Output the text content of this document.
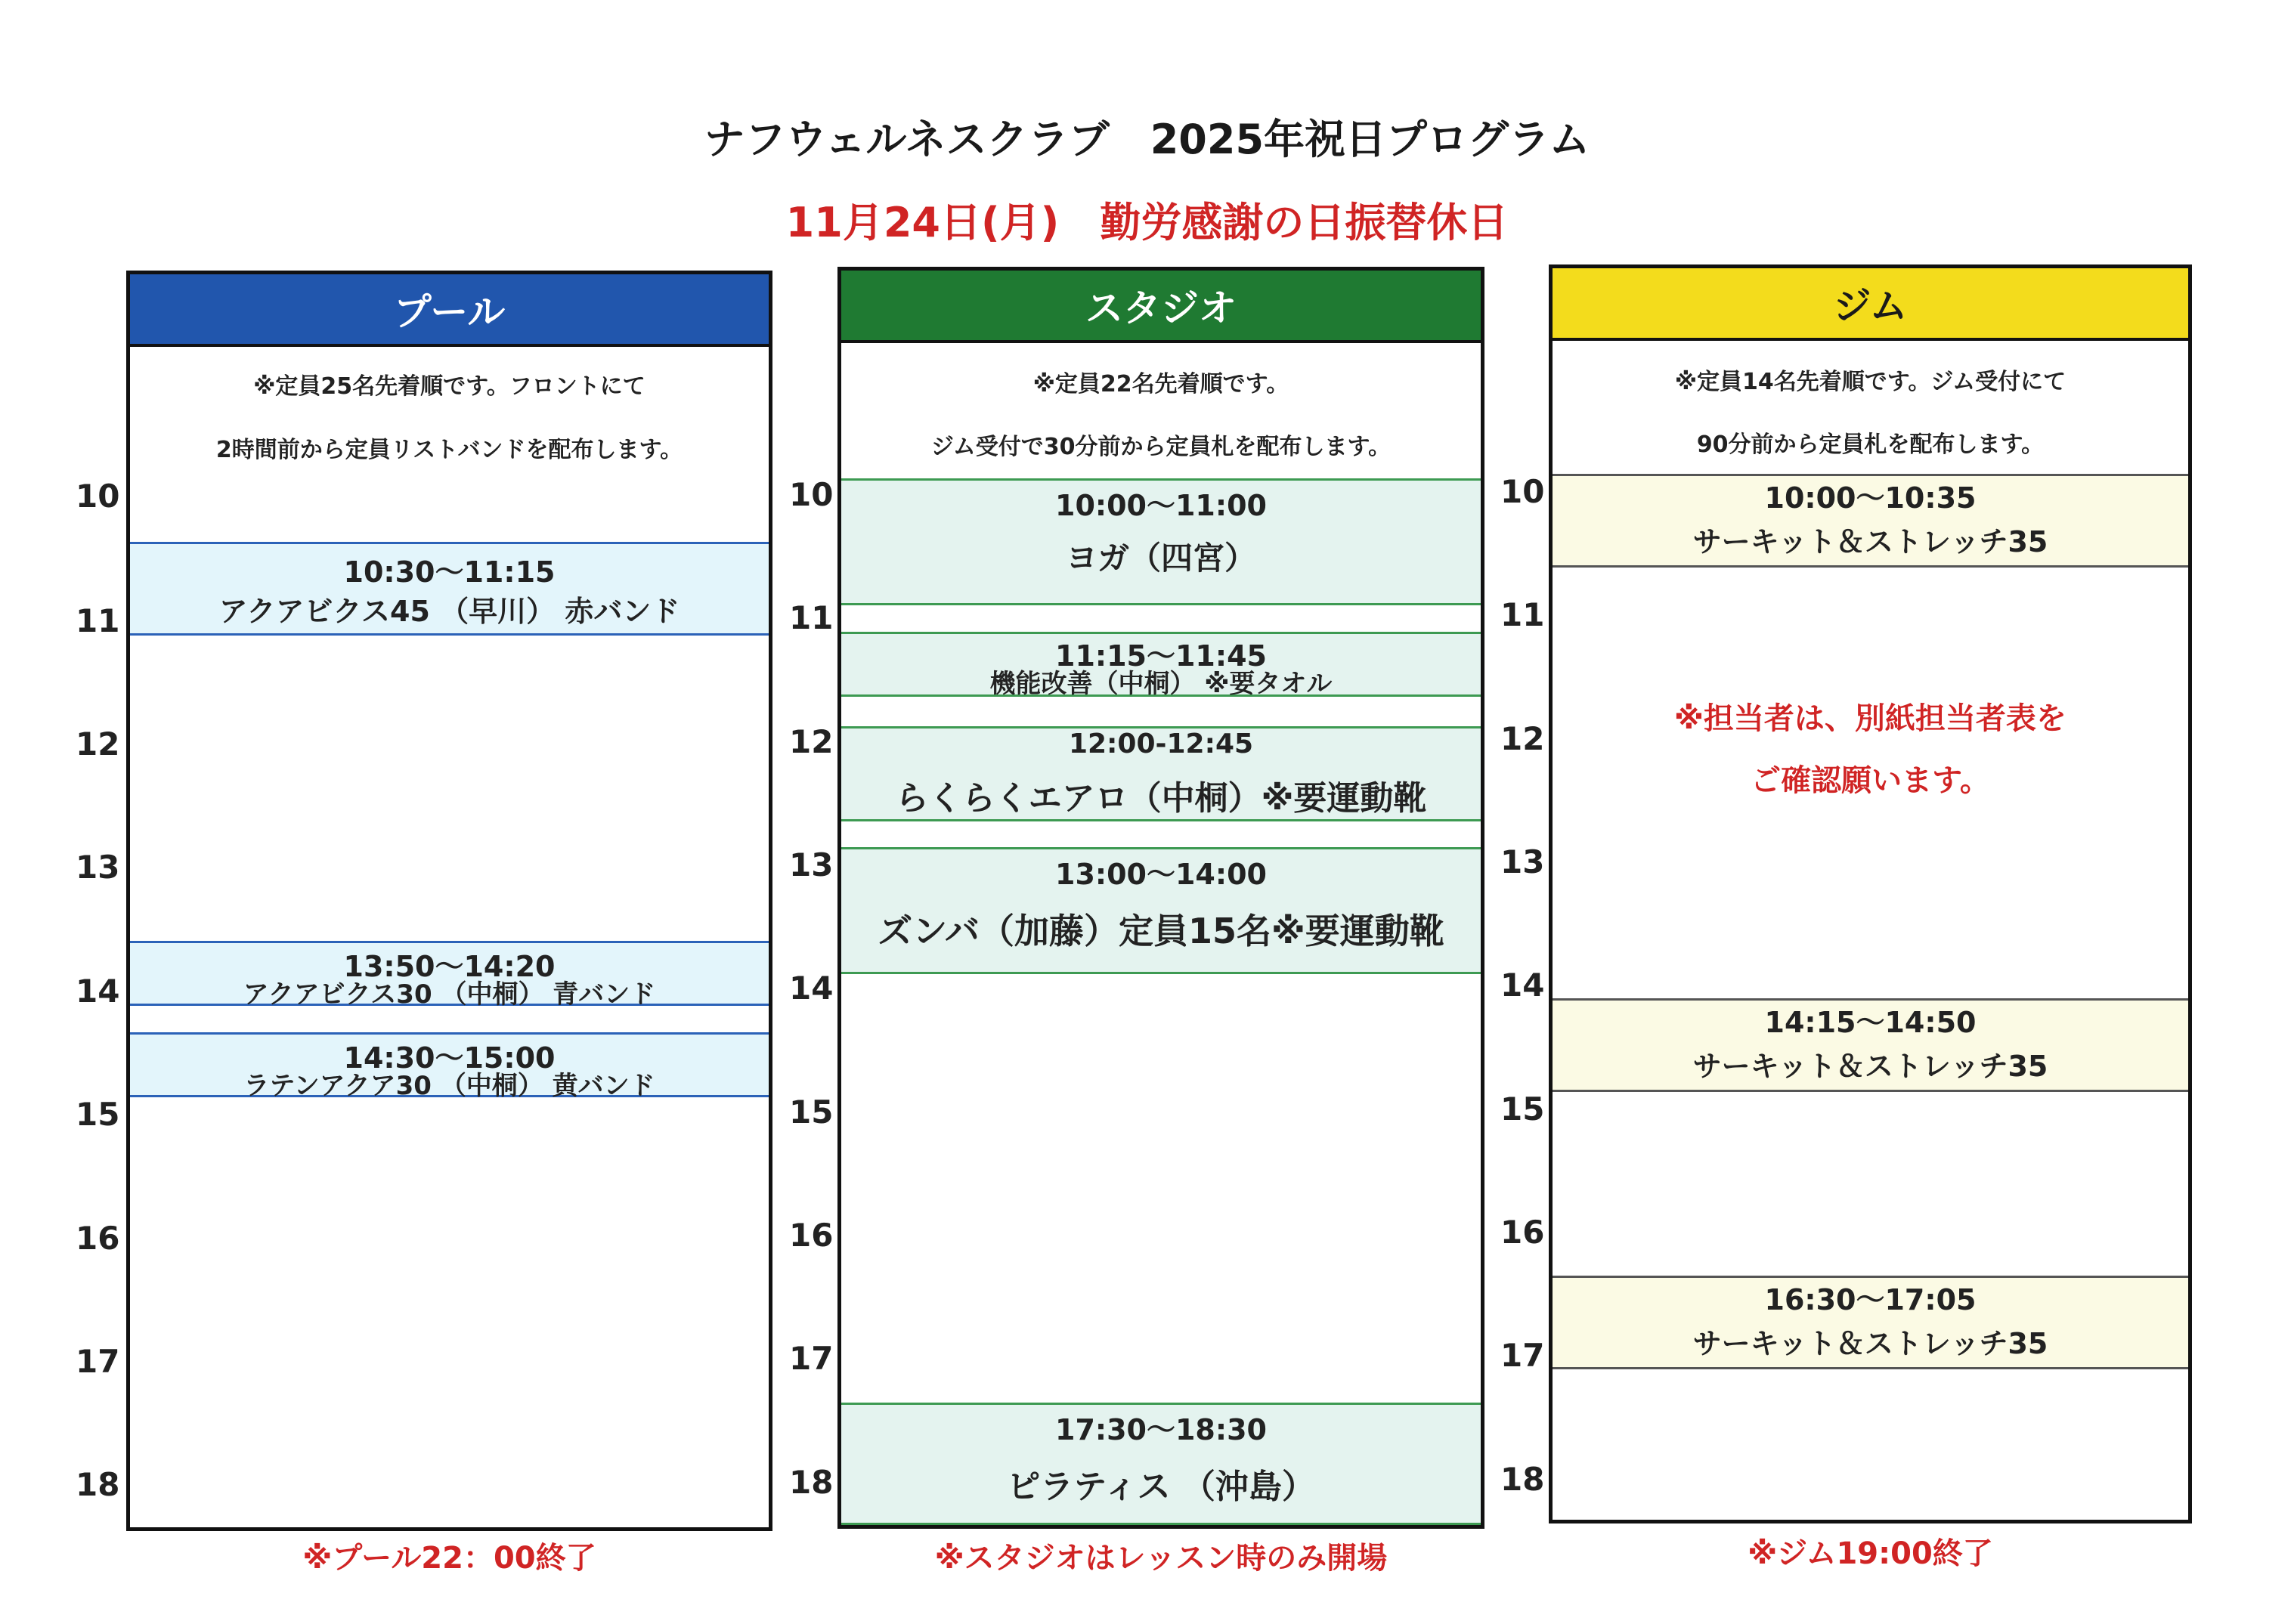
ナフウェルネスクラブ　2025年祝日プログラム
11月24日(月)　勤労感謝の日振替休日
10
11
12
13
14
15
16
17
18
プール
※定員25名先着順です。フロントにて
2時間前から定員リストバンドを配布します。
10:30～11:15
アクアビクス45 （早川） 赤バンド
13:50～14:20
アクアビクス30 （中桐） 青バンド
14:30～15:00
ラテンアクア30 （中桐） 黄バンド
※プール22：00終了
10
11
12
13
14
15
16
17
18
スタジオ
※定員22名先着順です。
ジム受付で30分前から定員札を配布します。
10:00～11:00
ヨガ（四宮）
11:15～11:45
機能改善（中桐） ※要タオル
12:00-12:45
らくらくエアロ（中桐）※要運動靴
13:00～14:00
ズンバ（加藤）定員15名※要運動靴
17:30～18:30
ピラティス （沖島）
※スタジオはレッスン時のみ開場
10
11
12
13
14
15
16
17
18
ジム
※定員14名先着順です。ジム受付にて
90分前から定員札を配布します。
10:00～10:35
サーキット＆ストレッチ35
※担当者は、別紙担当者表を
ご確認願います。
14:15～14:50
サーキット＆ストレッチ35
16:30～17:05
サーキット＆ストレッチ35
※ジム19:00終了
